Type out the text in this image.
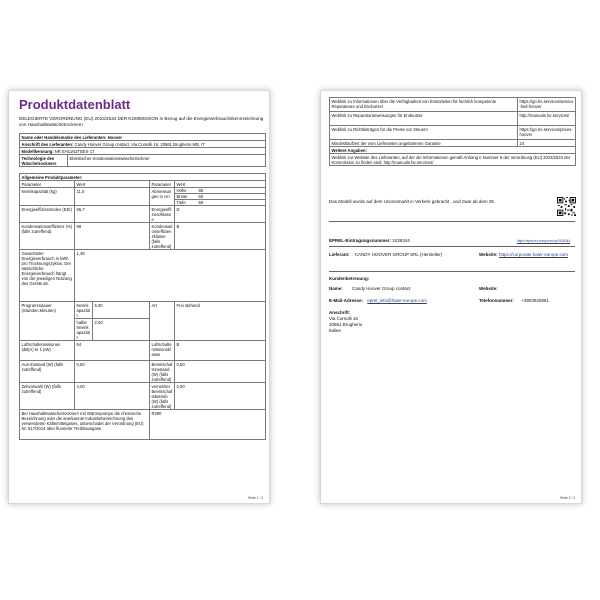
Produktdatenblatt
DELEGIERTE VERORDNUNG (EU) 2023/2534 DER KOMMISSION in Bezug auf die Energieverbrauchskennzeichnung von Haushaltswäschetrocknern
Name oder Handelsmarke des Lieferanten: Hoover
Anschrift des Lieferanten: Candy Hoover Group contact, Via Comolli 16, 20861 Brugherio MB, IT
Modellkennung: NR EH11N2TBEX-17
Technologie des Wäschetrockners	Elektrischer Kondensationswäschetrockner
Allgemeine Produktparameter:				
Parameter	Wert		Parameter	Wert
Nennkapazität (kg)	11,0		Abmessungen in cm	Höhe 85
				Breite 60
				Tiefe 59
Energieeffizienzindex (EEI)	65,7		Energieeffizienzklasse	D
Kondensationseffizienz (%) (falls zutreffend)	88		Kondensationseffizienzklasse (falls zutreffend)	B
Gewichteter Energieverbrauch in kWh pro Trocknungszyklus. Der tatsächliche Energieverbrauch hängt von der jeweiligen Nutzung des Geräts ab.	1,45			
Programmdauer (Stunden:Minuten)	Nennkapazität	5:30	Art	Frei stehend
	halbe Nennkapazität	2:40		
Luftschallemissionen (dB(A) re 1 pW)	64		Luftschallemissionsklasse	B
Aus-Zustand (W) (falls zutreffend)	0,50		Bereitschaftszustand (W) (falls zutreffend)	0,50
Zeitvorwahl (W) (falls zutreffend)	4,00		vernetzter Bereitschaftsbetrieb (W) (falls zutreffend)	2,00
Bei Haushaltswäschetrocknern mit Wärmepumpe die chemische Bezeichnung oder die anerkannte Industriebezeichnung des verwendeten Kältemittelgases, unbeschadet der Verordnung (EU) Nr. 517/2014 über fluorierte Treibhausgase.			R290	
Seite 1 / 2
Weblink zu Informationen über die Verfügbarkeit von Ersatzteilen für fachlich kompetente Reparateure und Endnutzer	https://go.he.services/service-fwd-hoover
Weblink zu Reparaturanweisungen für Endnutzer	http://manuals.he.services/
Weblink zu Richtbeträgen für die Preise vor Steuern	https://go.he.services/prices-hoover
Mindestlaufzeit der vom Lieferanten angebotenen Garantie	24
Weitere Angaben:	
Weblink zur Website des Lieferanten, auf der die Informationen gemäß Anhang II Nummer 6 der Verordnung (EU) 2023/2533 der Kommission zu finden sind: http://manuals.he.services/	
Das Modell wurde auf dem Unionsmarkt in Verkehr gebracht , und zwar ab dem 25
EPREL-Eintragungsnummer: 2436344	https://eprel.ec.europa.eu/qr/2436344
Lieferant: CANDY HOOVER GROUP SRL (Hersteller)	Website: https://corporate.haier-europe.com
Kundenbetreuung:
Name: Candy Hoover Group contact	Website:
E-Mail-Adresse: eprel_info@haier-europe.com	Telefonnummer: +3903920861
Anschrift:
Via Comolli 16
20861 Brugherio
Italien
Seite 2 / 2
